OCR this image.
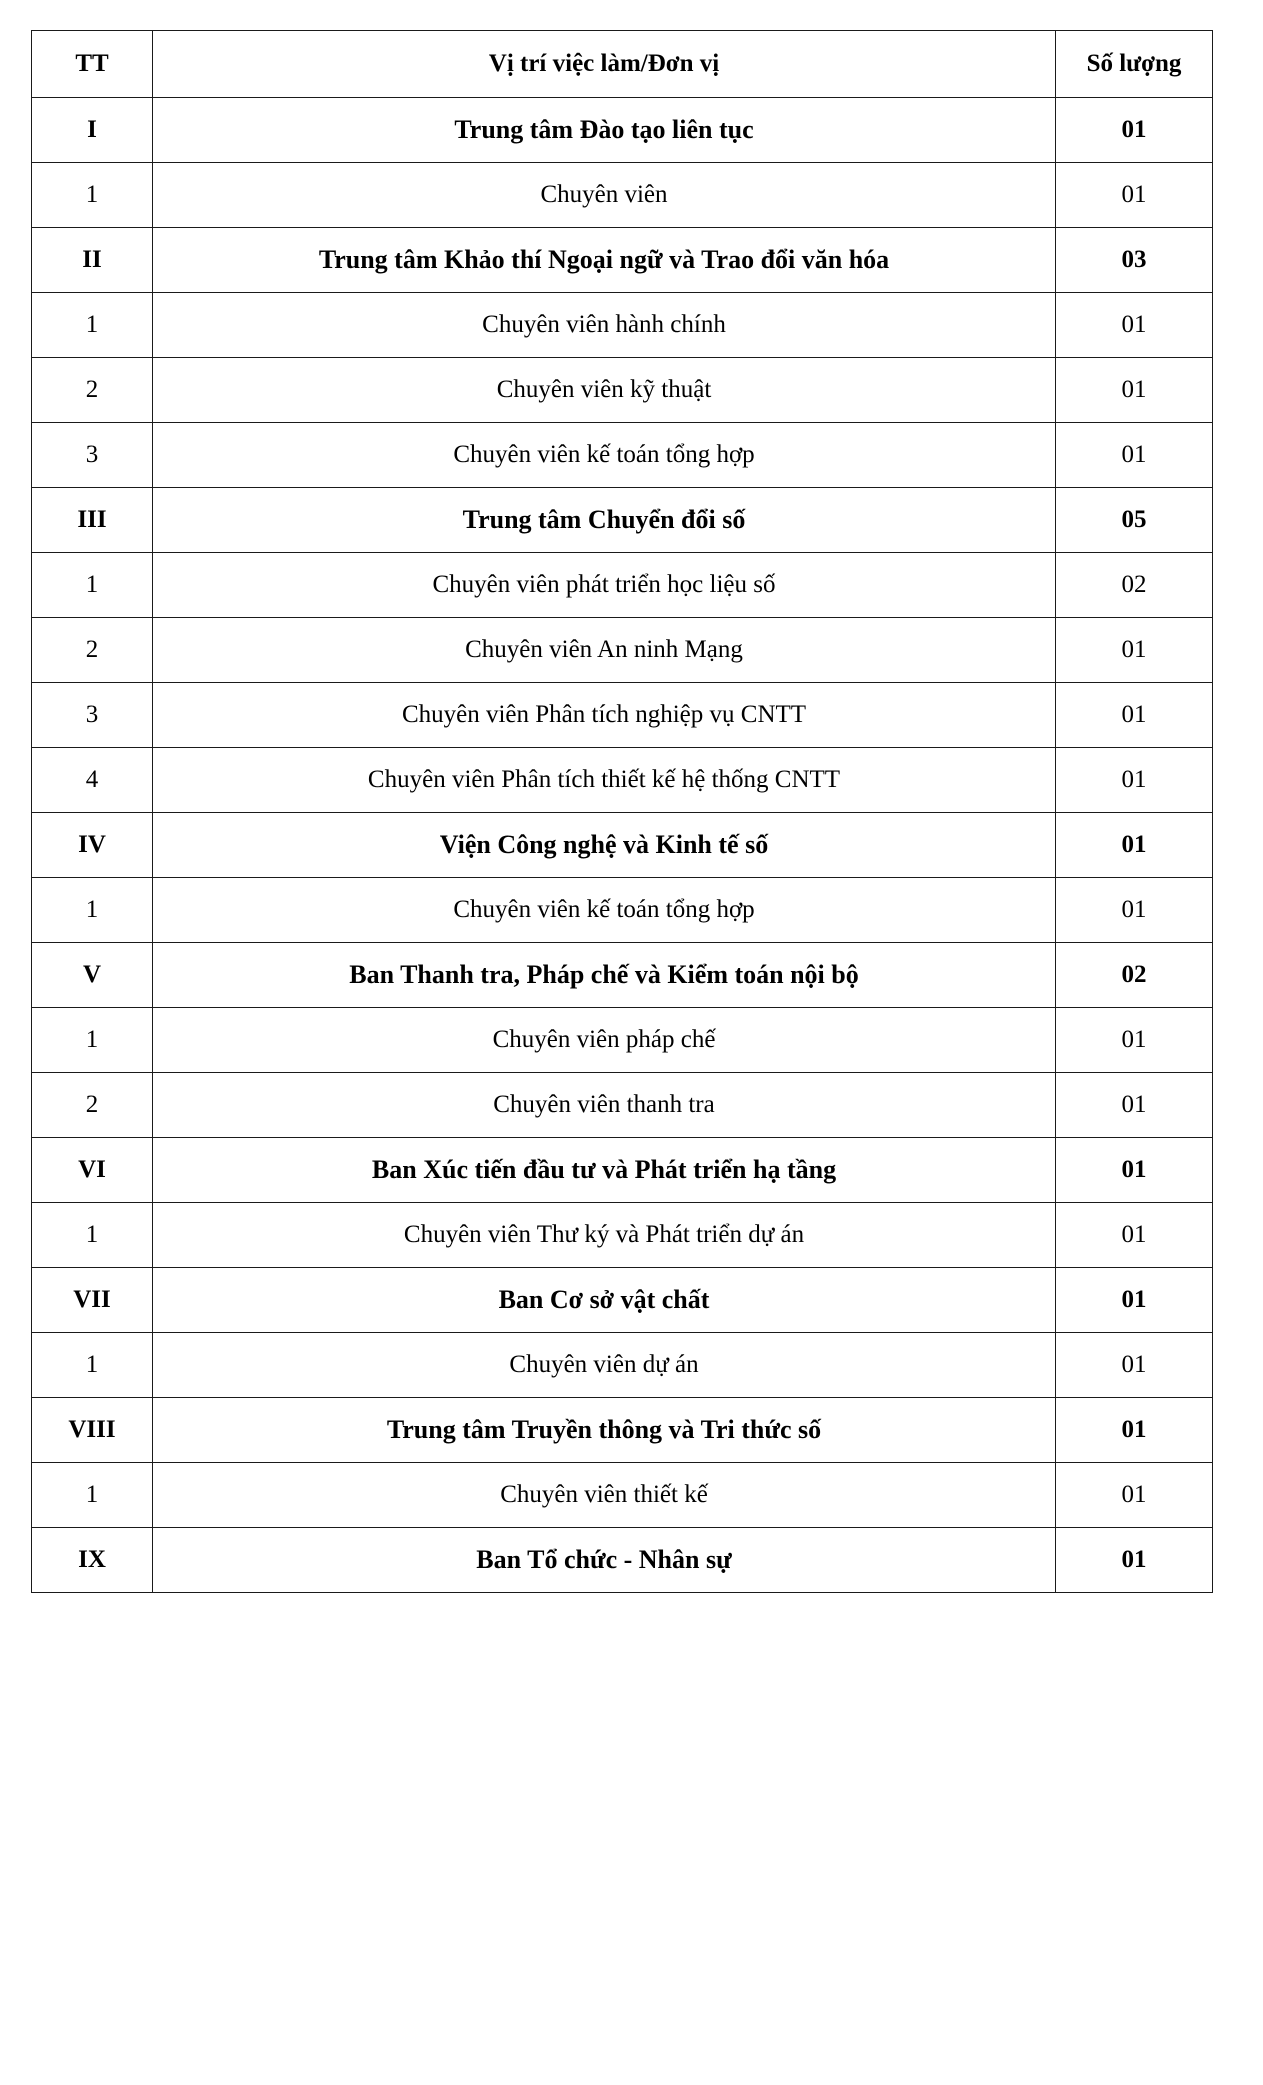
TT	Vị trí việc làm/Đơn vị	Số lượng
I	Trung tâm Đào tạo liên tục	01
1	Chuyên viên	01
II	Trung tâm Khảo thí Ngoại ngữ và Trao đổi văn hóa	03
1	Chuyên viên hành chính	01
2	Chuyên viên kỹ thuật	01
3	Chuyên viên kế toán tổng hợp	01
III	Trung tâm Chuyển đổi số	05
1	Chuyên viên phát triển học liệu số	02
2	Chuyên viên An ninh Mạng	01
3	Chuyên viên Phân tích nghiệp vụ CNTT	01
4	Chuyên viên Phân tích thiết kế hệ thống CNTT	01
IV	Viện Công nghệ và Kinh tế số	01
1	Chuyên viên kế toán tổng hợp	01
V	Ban Thanh tra, Pháp chế và Kiểm toán nội bộ	02
1	Chuyên viên pháp chế	01
2	Chuyên viên thanh tra	01
VI	Ban Xúc tiến đầu tư và Phát triển hạ tầng	01
1	Chuyên viên Thư ký và Phát triển dự án	01
VII	Ban Cơ sở vật chất	01
1	Chuyên viên dự án	01
VIII	Trung tâm Truyền thông và Tri thức số	01
1	Chuyên viên thiết kế	01
IX	Ban Tổ chức - Nhân sự	01
